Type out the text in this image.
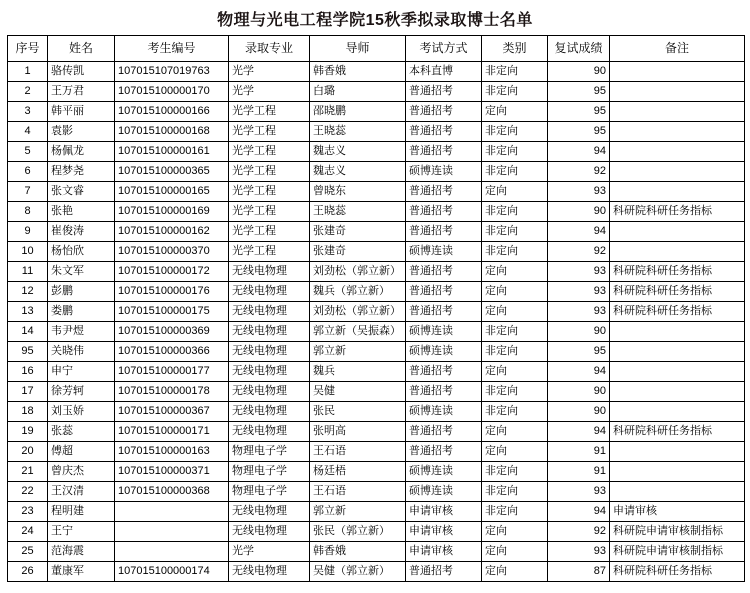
物理与光电工程学院15秋季拟录取博士名单
序号	姓名	考生编号	录取专业	导师	考试方式	类别	复试成绩	备注
1	骆传凯	107015107019763	光学	韩香娥	本科直博	非定向	90	
2	王万君	107015100000170	光学	白璐	普通招考	非定向	95	
3	韩平丽	107015100000166	光学工程	邵晓鹏	普通招考	定向	95	
4	袁影	107015100000168	光学工程	王晓蕊	普通招考	非定向	95	
5	杨佩龙	107015100000161	光学工程	魏志义	普通招考	非定向	94	
6	程梦尧	107015100000365	光学工程	魏志义	硕博连读	非定向	92	
7	张文睿	107015100000165	光学工程	曾晓东	普通招考	定向	93	
8	张艳	107015100000169	光学工程	王晓蕊	普通招考	非定向	90	科研院科研任务指标
9	崔俊涛	107015100000162	光学工程	张建奇	普通招考	非定向	94	
10	杨怡欣	107015100000370	光学工程	张建奇	硕博连读	非定向	92	
11	朱文军	107015100000172	无线电物理	刘劲松（郭立新）	普通招考	定向	93	科研院科研任务指标
12	彭鹏	107015100000176	无线电物理	魏兵（郭立新）	普通招考	定向	93	科研院科研任务指标
13	娄鹏	107015100000175	无线电物理	刘劲松（郭立新）	普通招考	定向	93	科研院科研任务指标
14	韦尹煜	107015100000369	无线电物理	郭立新（吴振森）	硕博连读	非定向	90	
95	关晓伟	107015100000366	无线电物理	郭立新	硕博连读	非定向	95	
16	申宁	107015100000177	无线电物理	魏兵	普通招考	定向	94	
17	徐芳轲	107015100000178	无线电物理	吴健	普通招考	非定向	90	
18	刘玉娇	107015100000367	无线电物理	张民	硕博连读	非定向	90	
19	张蕊	107015100000171	无线电物理	张明高	普通招考	定向	94	科研院科研任务指标
20	傅超	107015100000163	物理电子学	王石语	普通招考	定向	91	
21	曾庆杰	107015100000371	物理电子学	杨廷梧	硕博连读	非定向	91	
22	王汉清	107015100000368	物理电子学	王石语	硕博连读	非定向	93	
23	程明建		无线电物理	郭立新	申请审核	非定向	94	申请审核
24	王宁		无线电物理	张民（郭立新）	申请审核	定向	92	科研院申请审核制指标
25	范海震		光学	韩香娥	申请审核	定向	93	科研院申请审核制指标
26	董康军	107015100000174	无线电物理	吴健（郭立新）	普通招考	定向	87	科研院科研任务指标
